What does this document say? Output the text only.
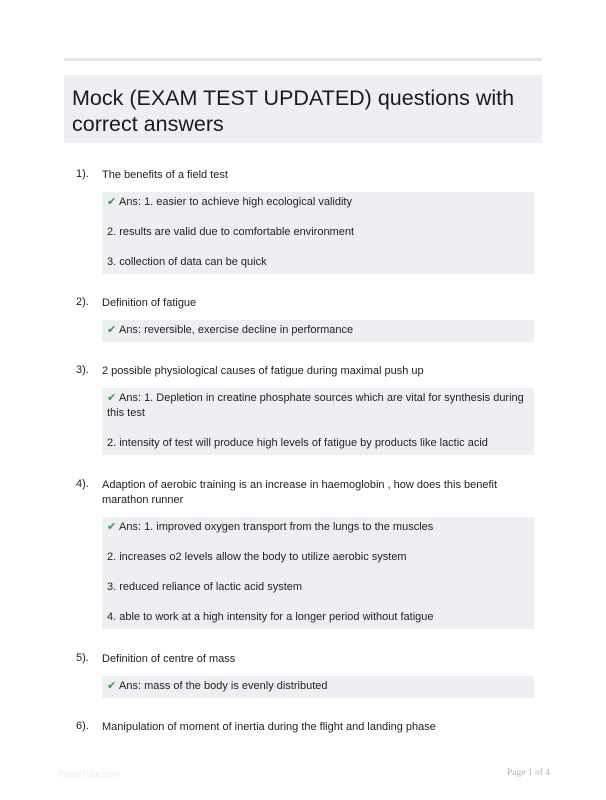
Mock (EXAM TEST UPDATED) questions with correct answers
1). The benefits of a field test
✔ Ans: 1. easier to achieve high ecological validity
2. results are valid due to comfortable environment
3. collection of data can be quick
2). Definition of fatigue
✔ Ans: reversible, exercise decline in performance
3). 2 possible physiological causes of fatigue during maximal push up
✔ Ans: 1. Depletion in creatine phosphate sources which are vital for synthesis during this test
2. intensity of test will produce high levels of fatigue by products like lactic acid
4). Adaption of aerobic training is an increase in haemoglobin , how does this benefit marathon runner
✔ Ans: 1. improved oxygen transport from the lungs to the muscles
2. increases o2 levels allow the body to utilize aerobic system
3. reduced reliance of lactic acid system
4. able to work at a high intensity for a longer period without fatigue
5). Definition of centre of mass
✔ Ans: mass of the body is evenly distributed
6). Manipulation of moment of inertia during the flight and landing phase
PaperNibe.com	Page 1 of 4
